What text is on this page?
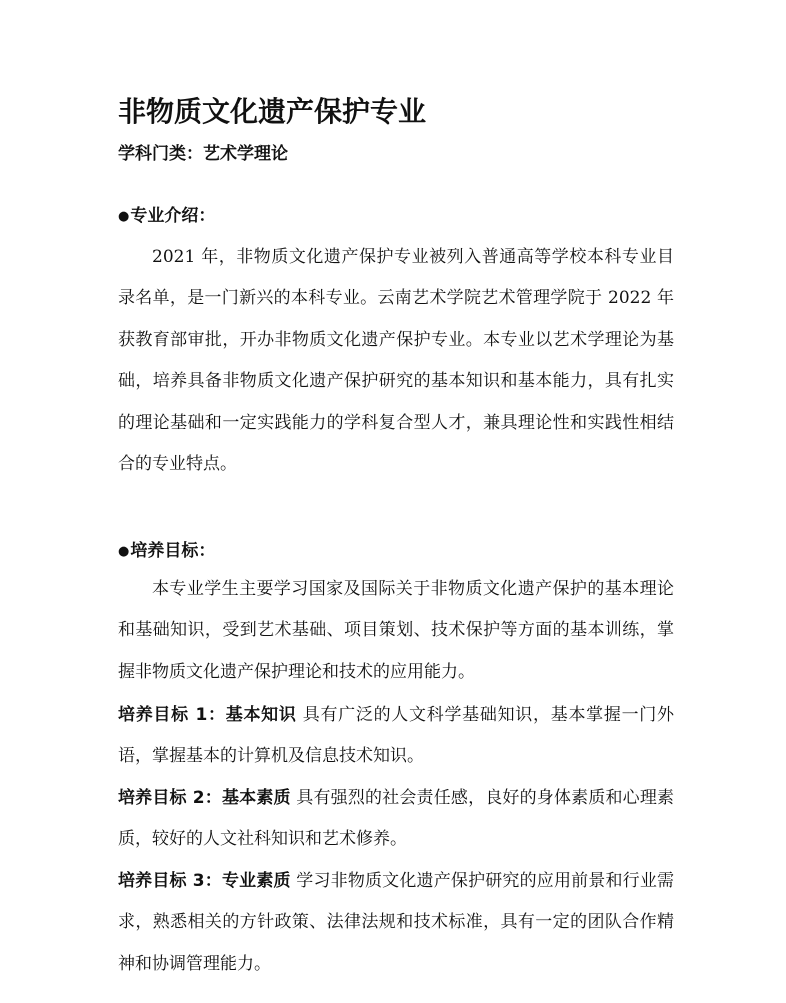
非物质文化遗产保护专业
学科门类：艺术学理论
●专业介绍：
2021 年，非物质文化遗产保护专业被列入普通高等学校本科专业目录名单，是一门新兴的本科专业。云南艺术学院艺术管理学院于 2022 年获教育部审批，开办非物质文化遗产保护专业。本专业以艺术学理论为基础，培养具备非物质文化遗产保护研究的基本知识和基本能力，具有扎实的理论基础和一定实践能力的学科复合型人才，兼具理论性和实践性相结合的专业特点。
●培养目标：
本专业学生主要学习国家及国际关于非物质文化遗产保护的基本理论和基础知识，受到艺术基础、项目策划、技术保护等方面的基本训练，掌握非物质文化遗产保护理论和技术的应用能力。
培养目标 1：基本知识 具有广泛的人文科学基础知识，基本掌握一门外语，掌握基本的计算机及信息技术知识。
培养目标 2：基本素质 具有强烈的社会责任感，良好的身体素质和心理素质，较好的人文社科知识和艺术修养。
培养目标 3：专业素质 学习非物质文化遗产保护研究的应用前景和行业需求，熟悉相关的方针政策、法律法规和技术标准，具有一定的团队合作精神和协调管理能力。
